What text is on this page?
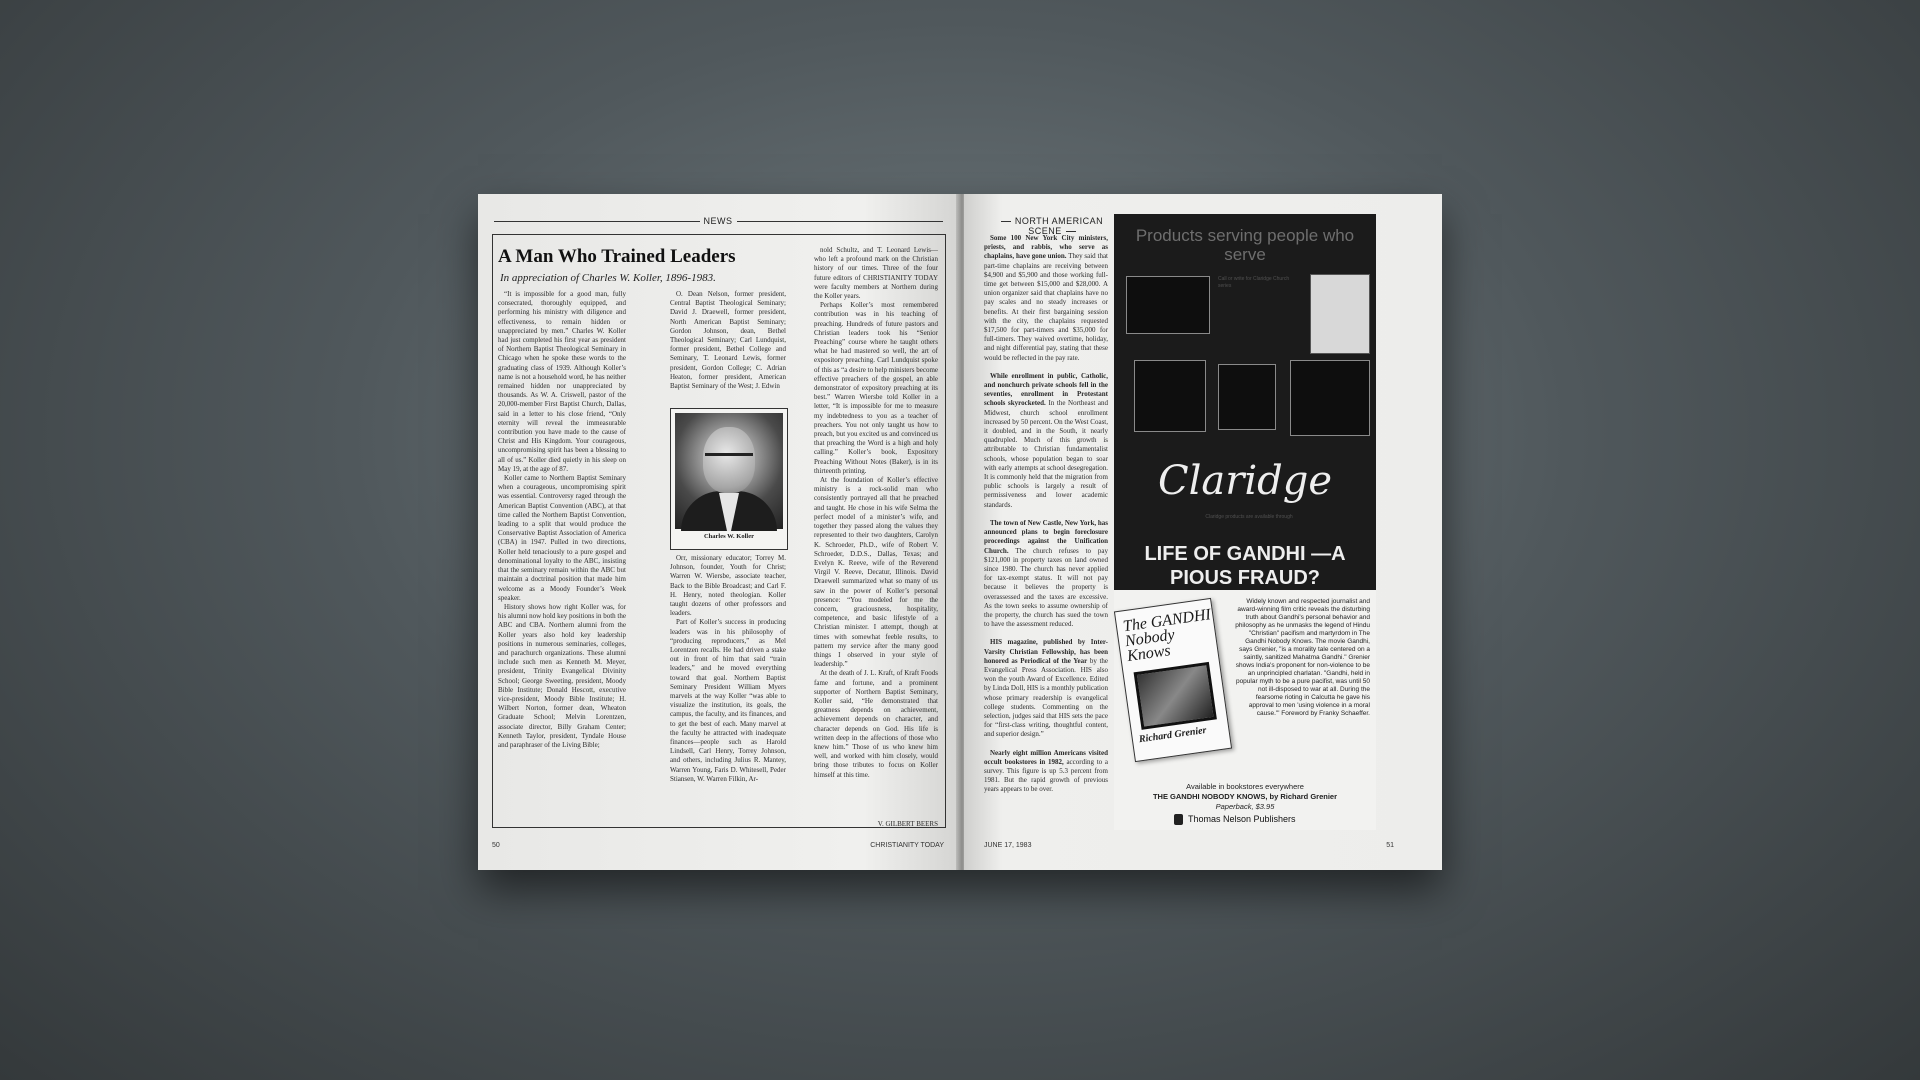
NEWS
A Man Who Trained Leaders
In appreciation of Charles W. Koller, 1896-1983.

“It is impossible for a good man, fully consecrated, thoroughly equipped, and performing his ministry with diligence and effectiveness, to remain hidden or unappreciated by men.” Charles W. Koller had just completed his first year as president of Northern Baptist Theological Seminary in Chicago when he spoke these words to the graduating class of 1939. Although Koller’s name is not a household word, he has neither remained hidden nor unappreciated by thousands. As W. A. Criswell, pastor of the 20,000-member First Baptist Church, Dallas, said in a letter to his close friend, “Only eternity will reveal the immeasurable contribution you have made to the cause of Christ and His Kingdom. Your courageous, uncompromising spirit has been a blessing to all of us.” Koller died quietly in his sleep on May 19, at the age of 87.

Koller came to Northern Baptist Seminary when a courageous, uncompromising spirit was essential. Controversy raged through the American Baptist Convention (ABC), at that time called the Northern Baptist Convention, leading to a split that would produce the Conservative Baptist Association of America (CBA) in 1947. Pulled in two directions, Koller held tenaciously to a pure gospel and denominational loyalty to the ABC, insisting that the seminary remain within the ABC but maintain a doctrinal position that made him welcome as a Moody Founder’s Week speaker.

History shows how right Koller was, for his alumni now hold key positions in both the ABC and CBA. Northern alumni from the Koller years also hold key leadership positions in numerous seminaries, colleges, and parachurch organizations. These alumni include such men as Kenneth M. Meyer, president, Trinity Evangelical Divinity School; George Sweeting, president, Moody Bible Institute; Donald Hescott, executive vice-president, Moody Bible Institute; H. Wilbert Norton, former dean, Wheaton Graduate School; Melvin Lorentzen, associate director, Billy Graham Center; Kenneth Taylor, president, Tyndale House and paraphraser of the Living Bible;

O. Dean Nelson, former president, Central Baptist Theological Seminary; David J. Draewell, former president, North American Baptist Seminary; Gordon Johnson, dean, Bethel Theological Seminary; Carl Lundquist, former president, Bethel College and Seminary, T. Leonard Lewis, former president, Gordon College; C. Adrian Heaton, former president, American Baptist Seminary of the West; J. Edwin

Charles W. Koller

Orr, missionary educator; Torrey M. Johnson, founder, Youth for Christ; Warren W. Wiersbe, associate teacher, Back to the Bible Broadcast; and Carl F. H. Henry, noted theologian. Koller taught dozens of other professors and leaders.

Part of Koller’s success in producing leaders was in his philosophy of “producing reproducers,” as Mel Lorentzen recalls. He had driven a stake out in front of him that said “train leaders,” and he moved everything toward that goal. Northern Baptist Seminary President William Myers marvels at the way Koller “was able to visualize the institution, its goals, the campus, the faculty, and its finances, and to get the best of each. Many marvel at the faculty he attracted with inadequate finances—people such as Harold Lindsell, Carl Henry, Torrey Johnson, and others, including Julius R. Mantey, Warren Young, Faris D. Whitesell, Peder Stiansen, W. Warren Filkin, Ar-

nold Schultz, and T. Leonard Lewis—who left a profound mark on the Christian history of our times. Three of the four future editors of CHRISTIANITY TODAY were faculty members at Northern during the Koller years.

Perhaps Koller’s most remembered contribution was in his teaching of preaching. Hundreds of future pastors and Christian leaders took his “Senior Preaching” course where he taught others what he had mastered so well, the art of expository preaching. Carl Lundquist spoke of this as “a desire to help ministers become effective preachers of the gospel, an able demonstrator of expository preaching at its best.” Warren Wiersbe told Koller in a letter, “It is impossible for me to measure my indebtedness to you as a teacher of preachers. You not only taught us how to preach, but you excited us and convinced us that preaching the Word is a high and holy calling.” Koller’s book, Expository Preaching Without Notes (Baker), is in its thirteenth printing.

At the foundation of Koller’s effective ministry is a rock-solid man who consistently portrayed all that he preached and taught. He chose in his wife Selma the perfect model of a minister’s wife, and together they passed along the values they represented to their two daughters, Carolyn K. Schroeder, Ph.D., wife of Robert V. Schroeder, D.D.S., Dallas, Texas; and Evelyn K. Reeve, wife of the Reverend Virgil V. Reeve, Decatur, Illinois. David Draewell summarized what so many of us saw in the power of Koller’s personal presence: “You modeled for me the concern, graciousness, hospitality, competence, and basic lifestyle of a Christian minister. I attempt, though at times with somewhat feeble results, to pattern my service after the many good things I observed in your style of leadership.”

At the death of J. L. Kraft, of Kraft Foods fame and fortune, and a prominent supporter of Northern Baptist Seminary, Koller said, “He demonstrated that greatness depends on achievement, achievement depends on character, and character depends on God. His life is written deep in the affections of those who knew him.” Those of us who knew him well, and worked with him closely, would bring those tributes to focus on Koller himself at this time.

V. GILBERT BEERS
50	CHRISTIANITY TODAY
NORTH AMERICAN SCENE

Some 100 New York City ministers, priests, and rabbis, who serve as chaplains, have gone union. They said that part-time chaplains are receiving between $4,900 and $5,900 and those working full-time get between $15,000 and $28,000. A union organizer said that chaplains have no pay scales and no steady increases or benefits. At their first bargaining session with the city, the chaplains requested $17,500 for part-timers and $35,000 for full-timers. They waived overtime, holiday, and night differential pay, stating that these would be reflected in the pay rate.

While enrollment in public, Catholic, and nonchurch private schools fell in the seventies, enrollment in Protestant schools skyrocketed. In the Northeast and Midwest, church school enrollment increased by 50 percent. On the West Coast, it doubled, and in the South, it nearly quadrupled. Much of this growth is attributable to Christian fundamentalist schools, whose population began to soar with early attempts at school desegregation. It is commonly held that the migration from public schools is largely a result of permissiveness and lower academic standards.

The town of New Castle, New York, has announced plans to begin foreclosure proceedings against the Unification Church. The church refuses to pay $121,000 in property taxes on land owned since 1980. The church has never applied for tax-exempt status. It will not pay because it believes the property is overassessed and the taxes are excessive. As the town seeks to assume ownership of the property, the church has sued the town to have the assessment reduced.

HIS magazine, published by Inter-Varsity Christian Fellowship, has been honored as Periodical of the Year by the Evangelical Press Association. HIS also won the youth Award of Excellence. Edited by Linda Doll, HIS is a monthly publication whose primary readership is evangelical college students. Commenting on the selection, judges said that HIS sets the pace for “first-class writing, thoughtful content, and superior design.”

Nearly eight million Americans visited occult bookstores in 1982, according to a survey. This figure is up 5.3 percent from 1981. But the rapid growth of previous years appears to be over.

Products serving people who serve
Call or write for Claridge Church series
Claridge
Claridge products are available through
LIFE OF GANDHI —A PIOUS FRAUD?
The GANDHI Nobody Knows
Richard Grenier
Widely known and respected journalist and award-winning film critic reveals the disturbing truth about Gandhi's personal behavior and philosophy as he unmasks the legend of Hindu "Christian" pacifism and martyrdom in The Gandhi Nobody Knows. The movie Gandhi, says Grenier, "is a morality tale centered on a saintly, sanitized Mahatma Gandhi." Grenier shows India's proponent for non-violence to be an unprincipled charlatan. "Gandhi, held in popular myth to be a pure pacifist, was until 50 not ill-disposed to war at all. During the fearsome rioting in Calcutta he gave his approval to men 'using violence in a moral cause.'" Foreword by Franky Schaeffer.
Available in bookstores everywhere
THE GANDHI NOBODY KNOWS, by Richard Grenier
Paperback, $3.95
Thomas Nelson Publishers
JUNE 17, 1983	51
